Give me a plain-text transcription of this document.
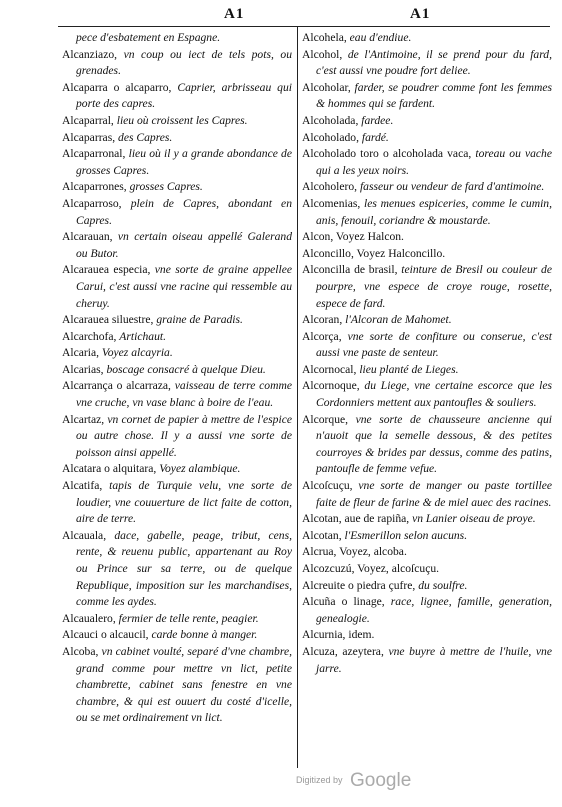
A1	A1

pece d'esbatement en Espagne.

Alcanziazo, vn coup ou iect de tels pots, ou grenades.

Alcaparra o alcaparro, Caprier, arbrisseau qui porte des capres.

Alcaparral, lieu où croissent les Capres.

Alcaparras, des Capres.

Alcaparronal, lieu où il y a grande abondance de grosses Capres.

Alcaparrones, grosses Capres.

Alcaparroso, plein de Capres, abondant en Capres.

Alcarauan, vn certain oiseau appellé Galerand ou Butor.

Alcarauea especia, vne sorte de graine appellee Carui, c'est aussi vne racine qui ressemble au cheruy.

Alcarauea siluestre, graine de Paradis.

Alcarchofa, Artichaut.

Alcaria, Voyez alcayria.

Alcarias, boscage consacré à quelque Dieu.

Alcarrança o alcarraza, vaisseau de terre comme vne cruche, vn vase blanc à boire de l'eau.

Alcartaz, vn cornet de papier à mettre de l'espice ou autre chose. Il y a aussi vne sorte de poisson ainsi appellé.

Alcatara o alquitara, Voyez alambique.

Alcatifa, tapis de Turquie velu, vne sorte de loudier, vne couuerture de lict faite de cotton, aire de terre.

Alcauala, dace, gabelle, peage, tribut, cens, rente, & reuenu public, appartenant au Roy ou Prince sur sa terre, ou de quelque Republique, imposition sur les marchandises, comme les aydes.

Alcaualero, fermier de telle rente, peagier.

Alcauci o alcaucil, carde bonne à manger.

Alcoba, vn cabinet voulté, separé d'vne chambre, grand comme pour mettre vn lict, petite chambrette, cabinet sans fenestre en vne chambre, & qui est ouuert du costé d'icelle, ou se met ordinairement vn lict.

Alcohela, eau d'endiue.

Alcohol, de l'Antimoine, il se prend pour du fard, c'est aussi vne poudre fort deliee.

Alcoholar, farder, se poudrer comme font les femmes & hommes qui se fardent.

Alcoholada, fardee.

Alcoholado, fardé.

Alcoholado toro o alcoholada vaca, toreau ou vache qui a les yeux noirs.

Alcoholero, fasseur ou vendeur de fard d'antimoine.

Alcomenias, les menues espiceries, comme le cumin, anis, fenouil, coriandre & moustarde.

Alcon, Voyez Halcon.

Alconcillo, Voyez Halconcillo.

Alconcilla de brasil, teinture de Bresil ou couleur de pourpre, vne espece de croye rouge, rosette, espece de fard.

Alcoran, l'Alcoran de Mahomet.

Alcorça, vne sorte de confiture ou conserue, c'est aussi vne paste de senteur.

Alcornocal, lieu planté de Lieges.

Alcornoque, du Liege, vne certaine escorce que les Cordonniers mettent aux pantoufles & souliers.

Alcorque, vne sorte de chausseure ancienne qui n'auoit que la semelle dessous, & des petites courroyes & brides par dessus, comme des patins, pantoufle de femme vefue.

Alcoſcuçu, vne sorte de manger ou paste tortillee faite de fleur de farine & de miel auec des racines.

Alcotan, aue de rapiña, vn Lanier oiseau de proye.

Alcotan, l'Esmerillon selon aucuns.

Alcrua, Voyez, alcoba.

Alcozcuzú, Voyez, alcoſcuçu.

Alcreuite o piedra çufre, du soulfre.

Alcuña o linage, race, lignee, famille, generation, genealogie.

Alcurnia, idem.

Alcuza, azeytera, vne buyre à mettre de l'huile, vne jarre.

Digitized by Google
